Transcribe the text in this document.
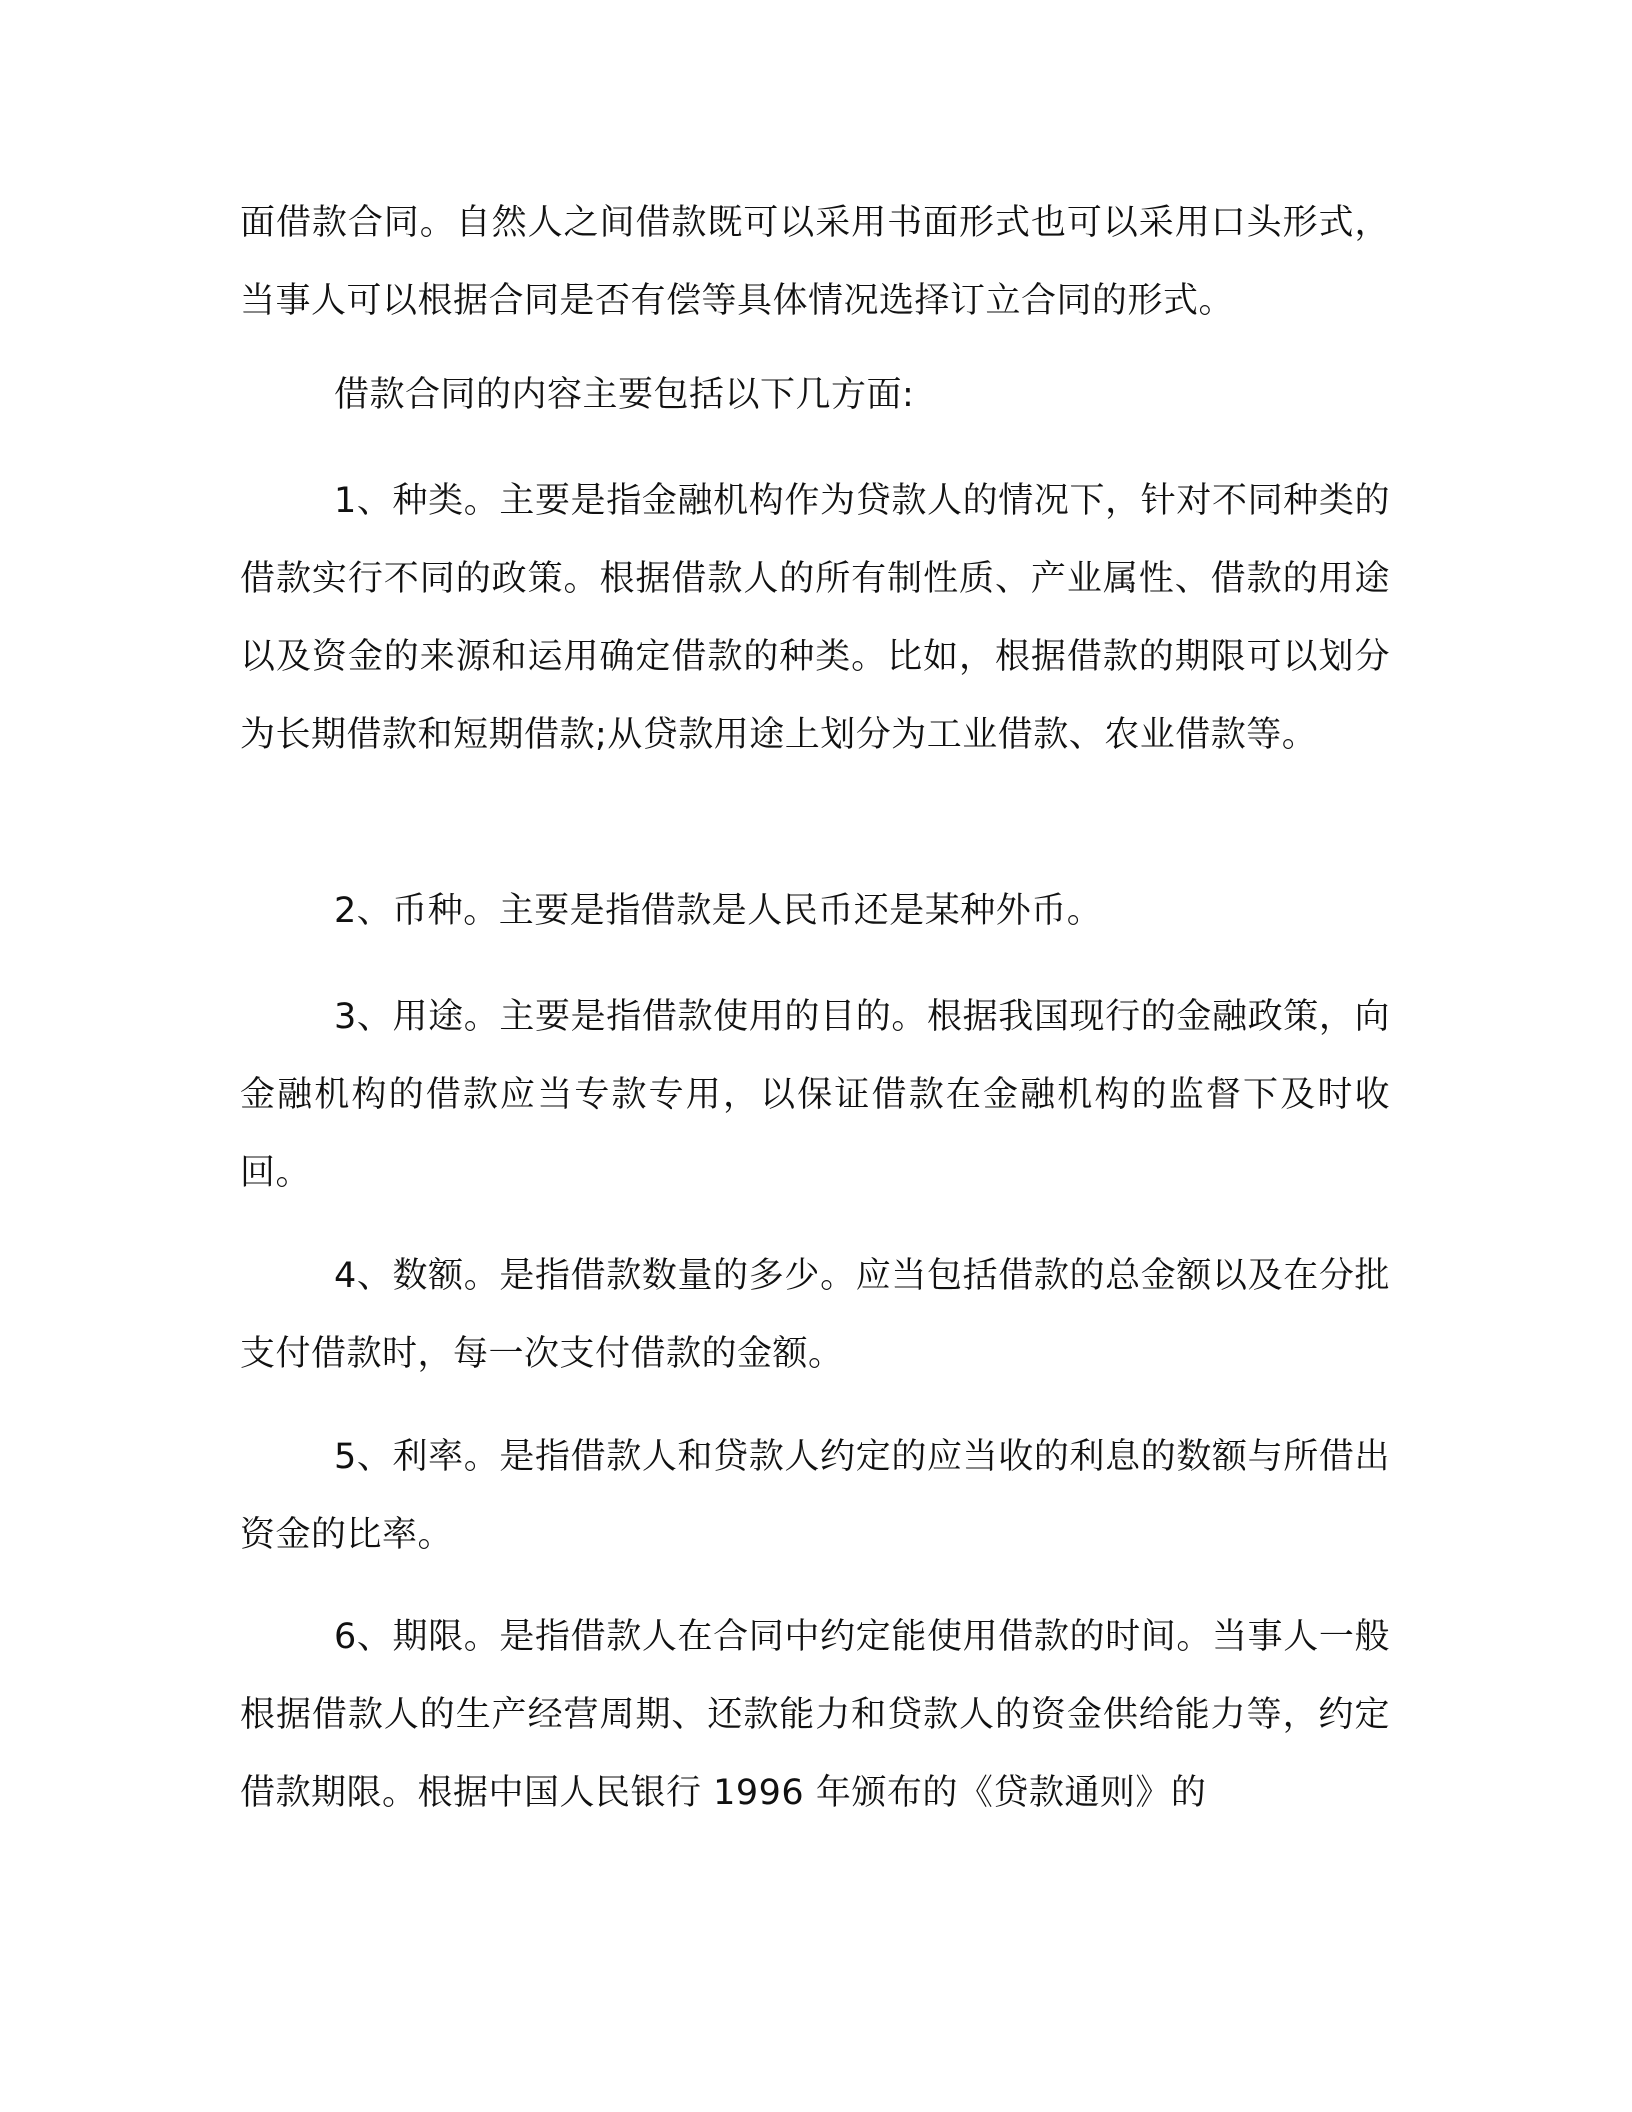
面借款合同。自然人之间借款既可以采用书面形式也可以采用口头形式，当事人可以根据合同是否有偿等具体情况选择订立合同的形式。

借款合同的内容主要包括以下几方面:

1、种类。主要是指金融机构作为贷款人的情况下，针对不同种类的借款实行不同的政策。根据借款人的所有制性质、产业属性、借款的用途以及资金的来源和运用确定借款的种类。比如，根据借款的期限可以划分为长期借款和短期借款;从贷款用途上划分为工业借款、农业借款等。

2、币种。主要是指借款是人民币还是某种外币。

3、用途。主要是指借款使用的目的。根据我国现行的金融政策，向金融机构的借款应当专款专用，以保证借款在金融机构的监督下及时收回。

4、数额。是指借款数量的多少。应当包括借款的总金额以及在分批支付借款时，每一次支付借款的金额。

5、利率。是指借款人和贷款人约定的应当收的利息的数额与所借出资金的比率。

6、期限。是指借款人在合同中约定能使用借款的时间。当事人一般根据借款人的生产经营周期、还款能力和贷款人的资金供给能力等，约定借款期限。根据中国人民银行 1996 年颁布的《贷款通则》的
